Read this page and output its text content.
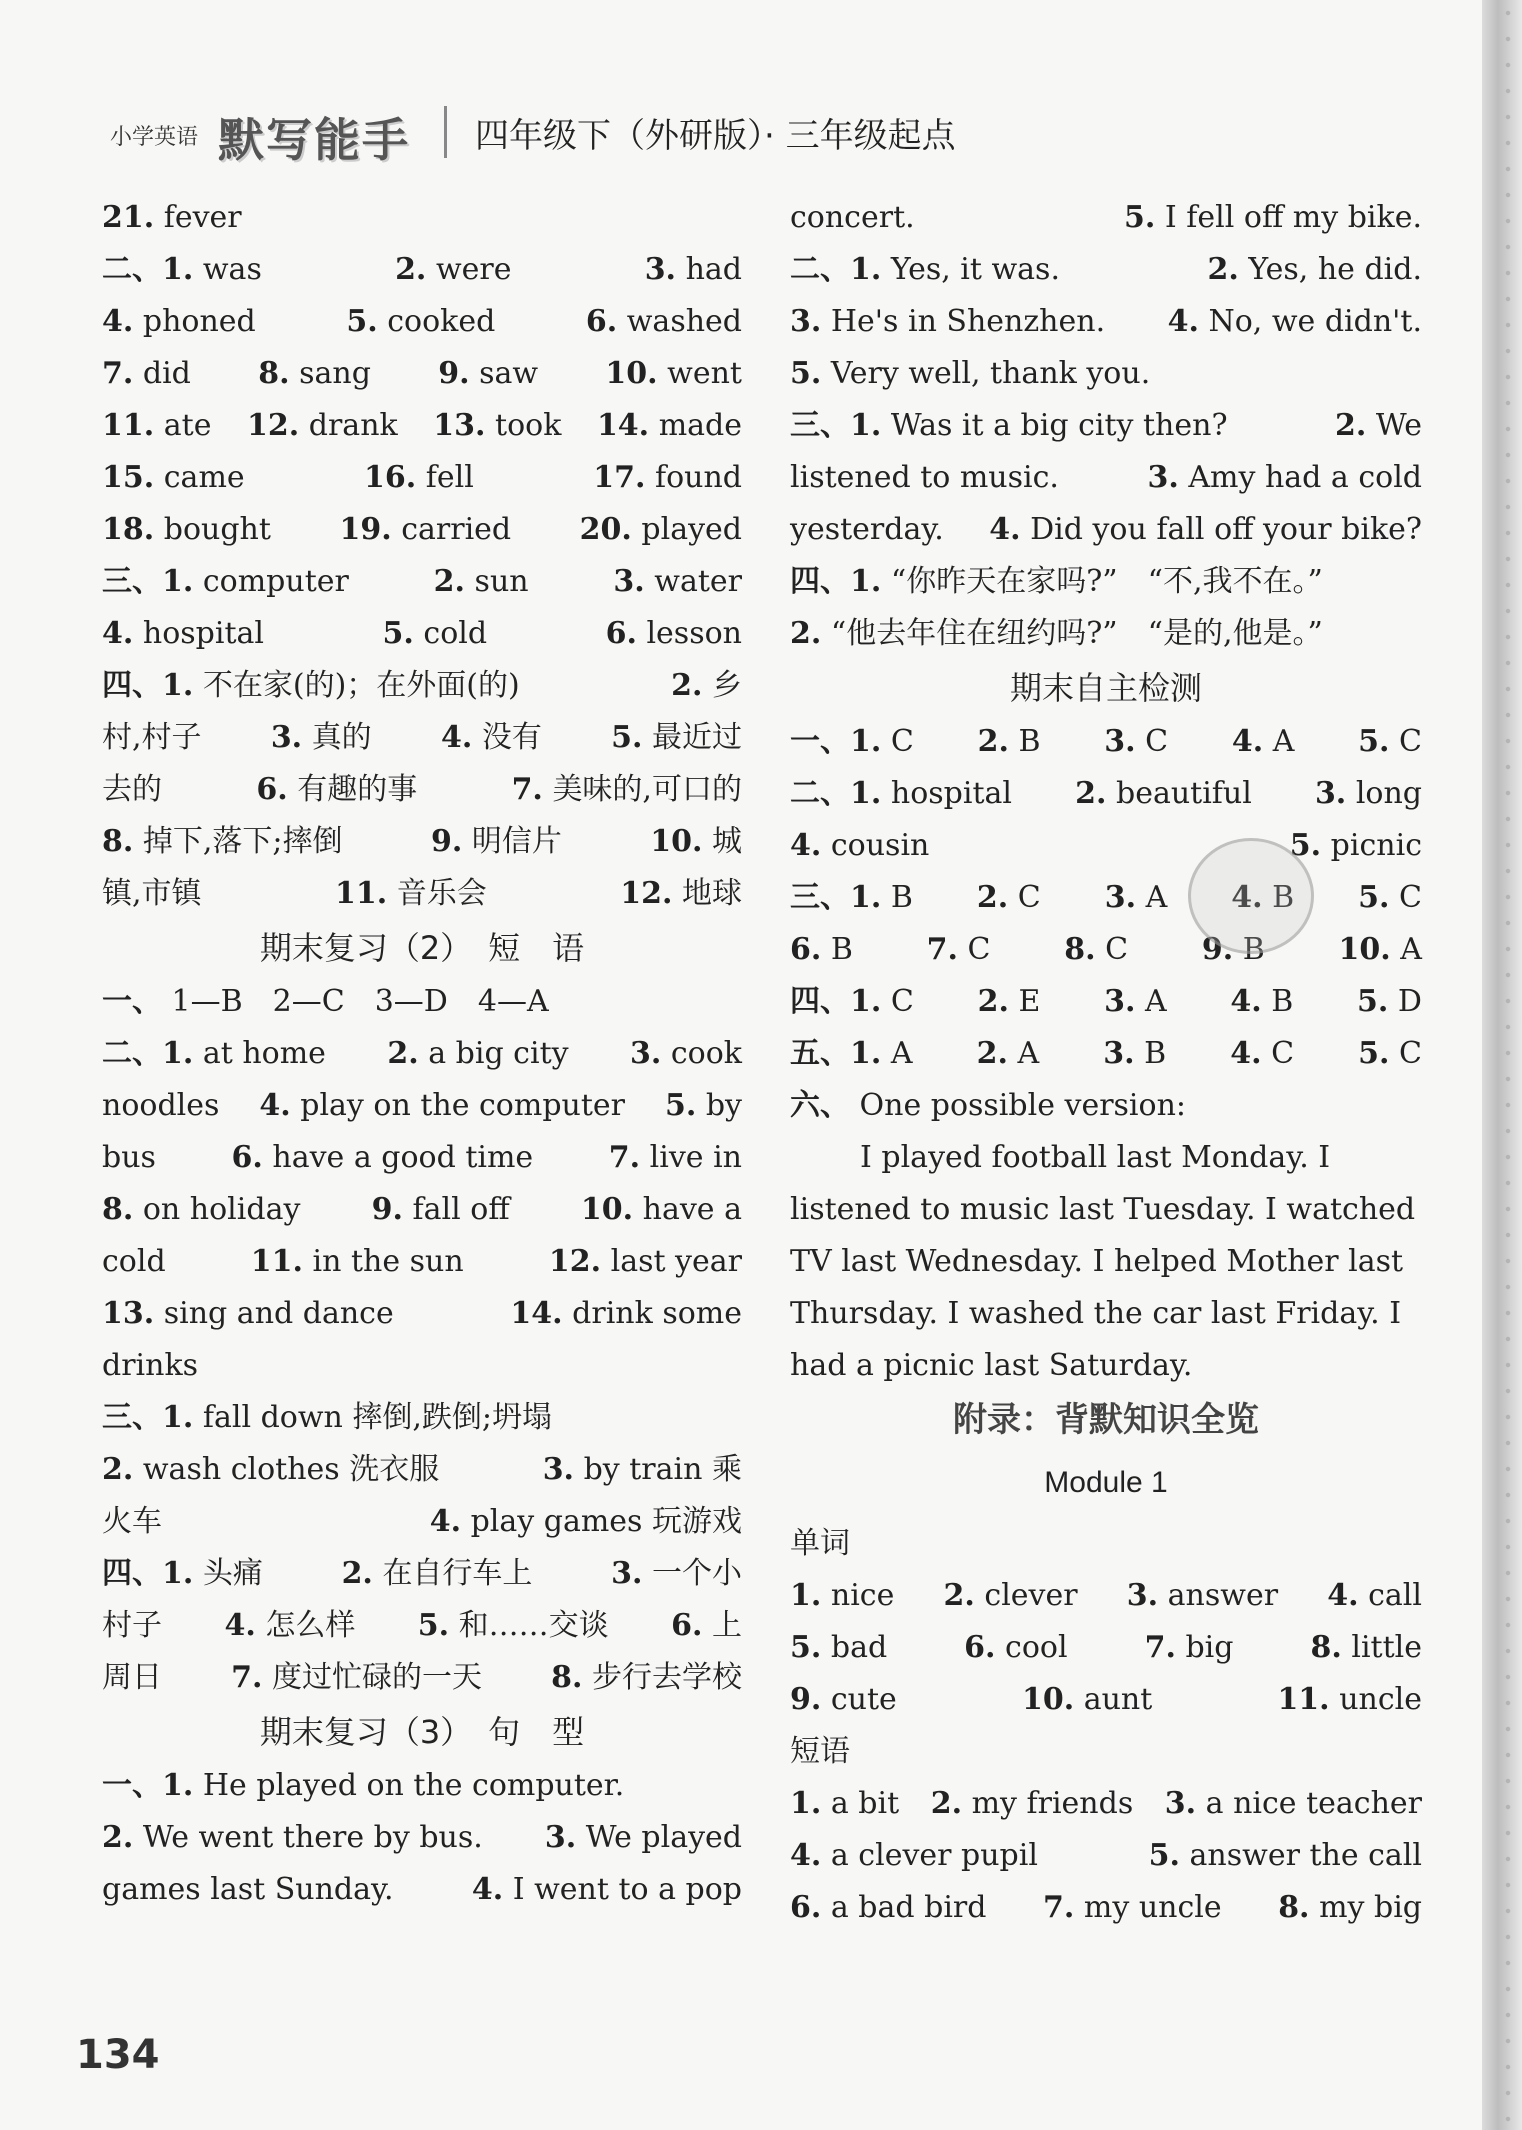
小学英语 默写能手 四年级下（外研版）· 三年级起点
21. fever
二、1. was	2. were	3. had
4. phoned	5. cooked	6. washed
7. did 8. sang 9. saw 10. went
11. ate 12. drank 13. took 14. made
15. came	16. fell	17. found
18. bought 19. carried 20. played
三、1. computer	2. sun	3. water
4. hospital	5. cold	6. lesson
四、1. 不在家(的)；在外面(的)	2. 乡
村,村子 3. 真的 4. 没有 5. 最近过
去的	6. 有趣的事	7. 美味的,可口的
8. 掉下,落下;摔倒	9. 明信片	10. 城
镇,市镇	11. 音乐会	12. 地球
期末复习（2）　短　语
一、 1—B　2—C　3—D　4—A
二、1. at home 2. a big city 3. cook
noodles 4. play on the computer 5. by
bus	6. have a good time	7. live in
8. on holiday 9. fall off 10. have a
cold	11. in the sun	12. last year
13. sing and dance	14. drink some
drinks
三、1. fall down 摔倒,跌倒;坍塌
2. wash clothes 洗衣服	3. by train 乘
火车	4. play games 玩游戏
四、1. 头痛	2. 在自行车上	3. 一个小
村子 4. 怎么样 5. 和……交谈 6. 上
周日 7. 度过忙碌的一天 8. 步行去学校
期末复习（3）　句　型
一、1. He played on the computer.
2. We went there by bus. 3. We played
games last Sunday.	4. I went to a pop
concert.	5. I fell off my bike.
二、1. Yes, it was.	2. Yes, he did.
3. He's in Shenzhen. 4. No, we didn't.
5. Very well, thank you.
三、1. Was it a big city then?	2. We
listened to music.	3. Amy had a cold
yesterday. 4. Did you fall off your bike?
四、1. “你昨天在家吗?”　“不,我不在。”
2. “他去年住在纽约吗?”　“是的,他是。”
期末自主检测
一、1. C 2. B 3. C 4. A 5. C
二、1. hospital 2. beautiful 3. long
4. cousin	5. picnic
三、1. B 2. C 3. A 4. B 5. C
6. B 7. C 8. C 9. B 10. A
四、1. C 2. E 3. A 4. B 5. D
五、1. A 2. A 3. B 4. C 5. C
六、 One possible version:
I played football last Monday. I
listened to music last Tuesday. I watched
TV last Wednesday. I helped Mother last
Thursday. I washed the car last Friday. I
had a picnic last Saturday.
附录：背默知识全览
Module 1
单词
1. nice 2. clever 3. answer 4. call
5. bad	6. cool	7. big	8. little
9. cute	10. aunt	11. uncle
短语
1. a bit 2. my friends 3. a nice teacher
4. a clever pupil	5. answer the call
6. a bad bird 7. my uncle 8. my big
134
